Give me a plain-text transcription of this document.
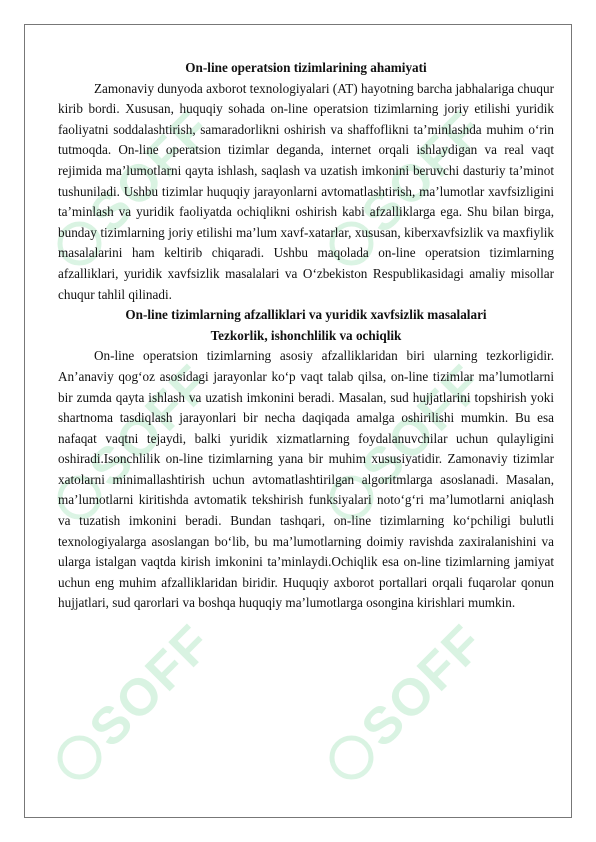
SOFF SOFF
SOFF SOFF
SOFF SOFF

On-line operatsion tizimlarining ahamiyati

Zamonaviy dunyoda axborot texnologiyalari (AT) hayotning barcha jabhalariga chuqur kirib bordi. Xususan, huquqiy sohada on-line operatsion tizimlarning joriy etilishi yuridik faoliyatni soddalashtirish, samaradorlikni oshirish va shaffoflikni ta’minlashda muhim o‘rin tutmoqda. On-line operatsion tizimlar deganda, internet orqali ishlaydigan va real vaqt rejimida ma’lumotlarni qayta ishlash, saqlash va uzatish imkonini beruvchi dasturiy ta’minot tushuniladi. Ushbu tizimlar huquqiy jarayonlarni avtomatlashtirish, ma’lumotlar xavfsizligini ta’minlash va yuridik faoliyatda ochiqlikni oshirish kabi afzalliklarga ega. Shu bilan birga, bunday tizimlarning joriy etilishi ma’lum xavf-xatarlar, xususan, kiberxavfsizlik va maxfiylik masalalarini ham keltirib chiqaradi. Ushbu maqolada on-line operatsion tizimlarning afzalliklari, yuridik xavfsizlik masalalari va O‘zbekiston Respublikasidagi amaliy misollar chuqur tahlil qilinadi.

On-line tizimlarning afzalliklari va yuridik xavfsizlik masalalari

Tezkorlik, ishonchlilik va ochiqlik

On-line operatsion tizimlarning asosiy afzalliklaridan biri ularning tezkorligidir. An’anaviy qog‘oz asosidagi jarayonlar ko‘p vaqt talab qilsa, on-line tizimlar ma’lumotlarni bir zumda qayta ishlash va uzatish imkonini beradi. Masalan, sud hujjatlarini topshirish yoki shartnoma tasdiqlash jarayonlari bir necha daqiqada amalga oshirilishi mumkin. Bu esa nafaqat vaqtni tejaydi, balki yuridik xizmatlarning foydalanuvchilar uchun qulayligini oshiradi.Isonchlilik on-line tizimlarning yana bir muhim xususiyatidir. Zamonaviy tizimlar xatolarni minimallashtirish uchun avtomatlashtirilgan algoritmlarga asoslanadi. Masalan, ma’lumotlarni kiritishda avtomatik tekshirish funksiyalari noto‘g‘ri ma’lumotlarni aniqlash va tuzatish imkonini beradi. Bundan tashqari, on-line tizimlarning ko‘pchiligi bulutli texnologiyalarga asoslangan bo‘lib, bu ma’lumotlarning doimiy ravishda zaxiralanishini va ularga istalgan vaqtda kirish imkonini ta’minlaydi.Ochiqlik esa on-line tizimlarning jamiyat uchun eng muhim afzalliklaridan biridir. Huquqiy axborot portallari orqali fuqarolar qonun hujjatlari, sud qarorlari va boshqa huquqiy ma’lumotlarga osongina kirishlari mumkin.
